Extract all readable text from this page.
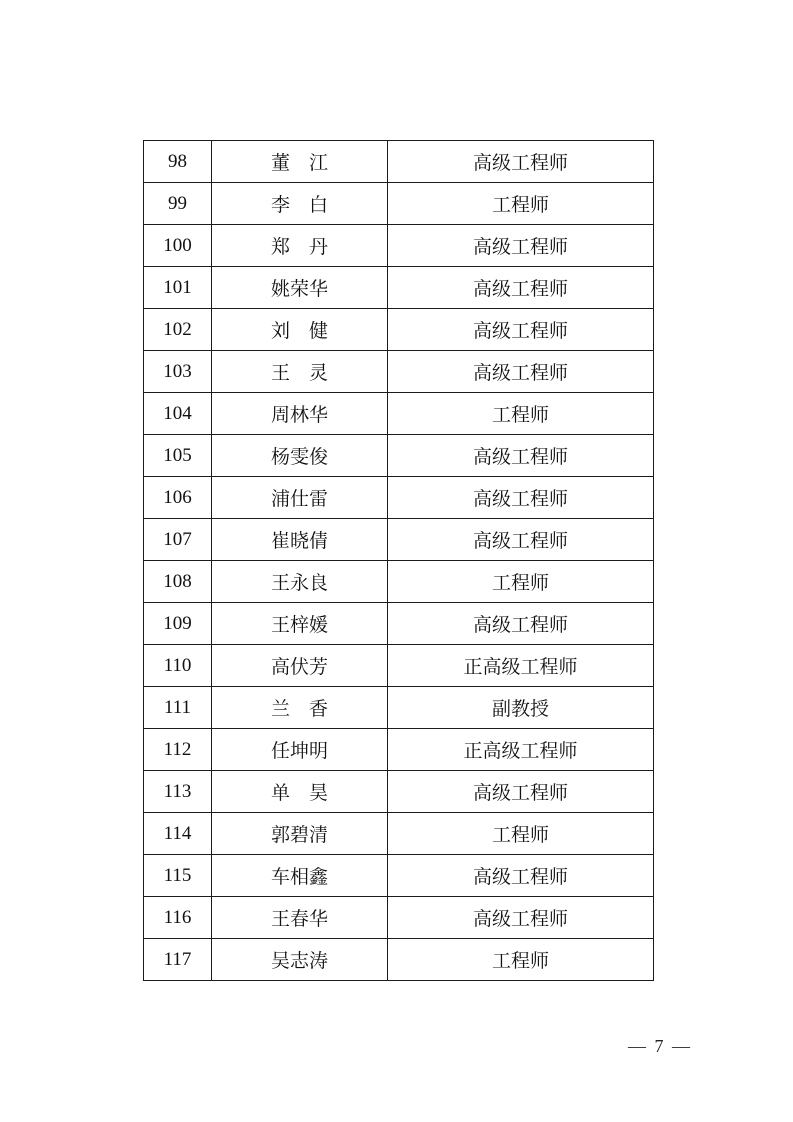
98	董　江	高级工程师
99	李　白	工程师
100	郑　丹	高级工程师
101	姚荣华	高级工程师
102	刘　健	高级工程师
103	王　灵	高级工程师
104	周林华	工程师
105	杨雯俊	高级工程师
106	浦仕雷	高级工程师
107	崔晓倩	高级工程师
108	王永良	工程师
109	王梓媛	高级工程师
110	高伏芳	正高级工程师
111	兰　香	副教授
112	任坤明	正高级工程师
113	单　昊	高级工程师
114	郭碧清	工程师
115	车相鑫	高级工程师
116	王春华	高级工程师
117	吴志涛	工程师
— 7 —
